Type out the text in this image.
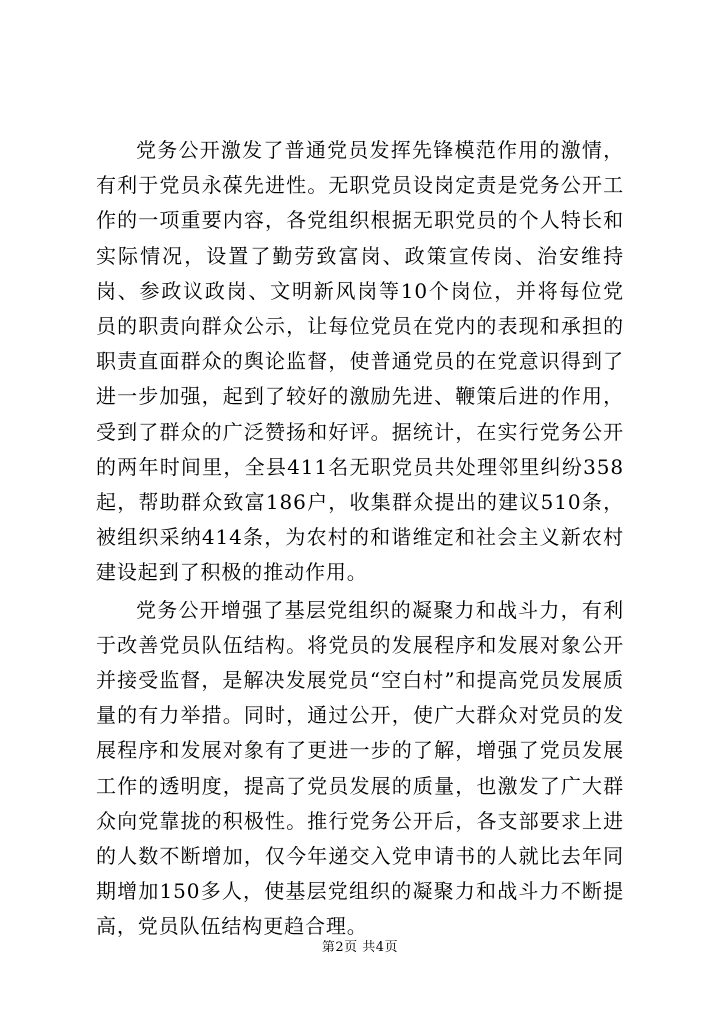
党务公开激发了普通党员发挥先锋模范作用的激情，有利于党员永葆先进性。无职党员设岗定责是党务公开工作的一项重要内容，各党组织根据无职党员的个人特长和实际情况，设置了勤劳致富岗、政策宣传岗、治安维持岗、参政议政岗、文明新风岗等10个岗位，并将每位党员的职责向群众公示，让每位党员在党内的表现和承担的职责直面群众的舆论监督，使普通党员的在党意识得到了进一步加强，起到了较好的激励先进、鞭策后进的作用，受到了群众的广泛赞扬和好评。据统计，在实行党务公开的两年时间里，全县411名无职党员共处理邻里纠纷358起，帮助群众致富186户，收集群众提出的建议510条，被组织采纳414条，为农村的和谐维定和社会主义新农村建设起到了积极的推动作用。

党务公开增强了基层党组织的凝聚力和战斗力，有利于改善党员队伍结构。将党员的发展程序和发展对象公开并接受监督，是解决发展党员“空白村”和提高党员发展质量的有力举措。同时，通过公开，使广大群众对党员的发展程序和发展对象有了更进一步的了解，增强了党员发展工作的透明度，提高了党员发展的质量，也激发了广大群众向党靠拢的积极性。推行党务公开后，各支部要求上进的人数不断增加，仅今年递交入党申请书的人就比去年同期增加150多人，使基层党组织的凝聚力和战斗力不断提高，党员队伍结构更趋合理。

第2页 共4页
